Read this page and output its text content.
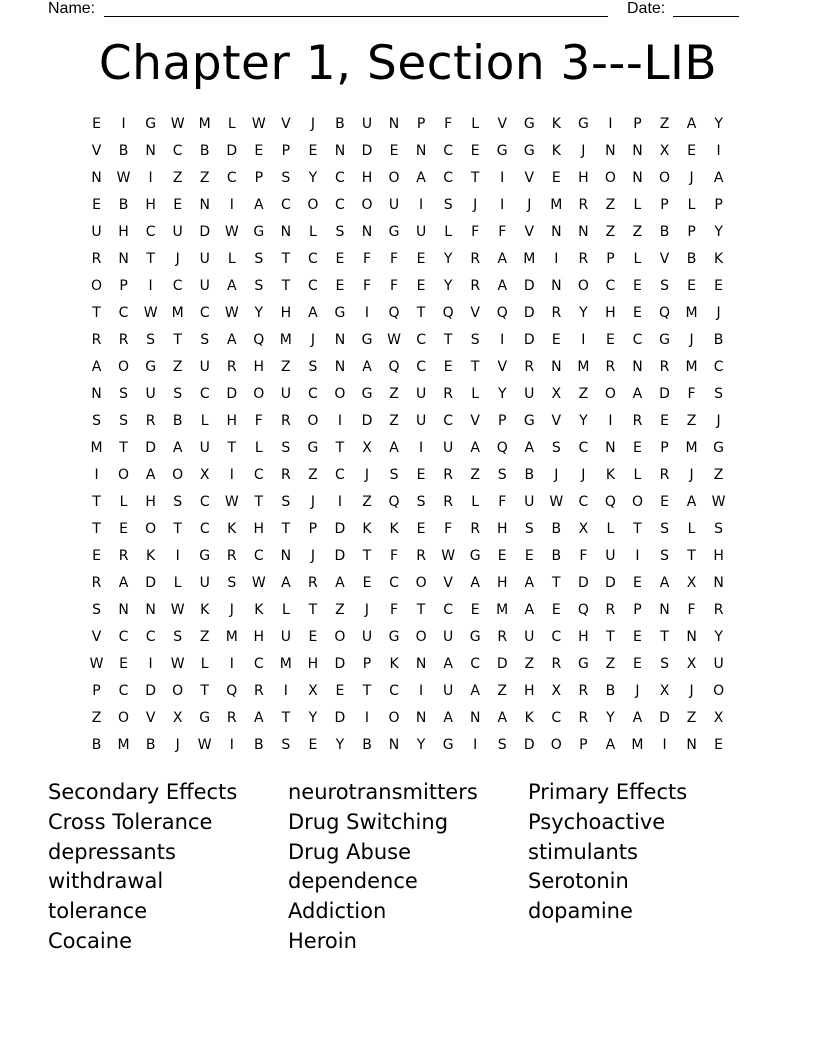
Name:	Date:
Chapter 1, Section 3---LIB
E	I	G	W	M	L	W	V	J	B	U	N	P	F	L	V	G	K	G	I	P	Z	A	Y
V	B	N	C	B	D	E	P	E	N	D	E	N	C	E	G	G	K	J	N	N	X	E	I
N	W	I	Z	Z	C	P	S	Y	C	H	O	A	C	T	I	V	E	H	O	N	O	J	A
E	B	H	E	N	I	A	C	O	C	O	U	I	S	J	I	J	M	R	Z	L	P	L	P
U	H	C	U	D	W	G	N	L	S	N	G	U	L	F	F	V	N	N	Z	Z	B	P	Y
R	N	T	J	U	L	S	T	C	E	F	F	E	Y	R	A	M	I	R	P	L	V	B	K
O	P	I	C	U	A	S	T	C	E	F	F	E	Y	R	A	D	N	O	C	E	S	E	E
T	C	W	M	C	W	Y	H	A	G	I	Q	T	Q	V	Q	D	R	Y	H	E	Q	M	J
R	R	S	T	S	A	Q	M	J	N	G	W	C	T	S	I	D	E	I	E	C	G	J	B
A	O	G	Z	U	R	H	Z	S	N	A	Q	C	E	T	V	R	N	M	R	N	R	M	C
N	S	U	S	C	D	O	U	C	O	G	Z	U	R	L	Y	U	X	Z	O	A	D	F	S
S	S	R	B	L	H	F	R	O	I	D	Z	U	C	V	P	G	V	Y	I	R	E	Z	J
M	T	D	A	U	T	L	S	G	T	X	A	I	U	A	Q	A	S	C	N	E	P	M	G
I	O	A	O	X	I	C	R	Z	C	J	S	E	R	Z	S	B	J	J	K	L	R	J	Z
T	L	H	S	C	W	T	S	J	I	Z	Q	S	R	L	F	U	W	C	Q	O	E	A	W
T	E	O	T	C	K	H	T	P	D	K	K	E	F	R	H	S	B	X	L	T	S	L	S
E	R	K	I	G	R	C	N	J	D	T	F	R	W	G	E	E	B	F	U	I	S	T	H
R	A	D	L	U	S	W	A	R	A	E	C	O	V	A	H	A	T	D	D	E	A	X	N
S	N	N	W	K	J	K	L	T	Z	J	F	T	C	E	M	A	E	Q	R	P	N	F	R
V	C	C	S	Z	M	H	U	E	O	U	G	O	U	G	R	U	C	H	T	E	T	N	Y
W	E	I	W	L	I	C	M	H	D	P	K	N	A	C	D	Z	R	G	Z	E	S	X	U
P	C	D	O	T	Q	R	I	X	E	T	C	I	U	A	Z	H	X	R	B	J	X	J	O
Z	O	V	X	G	R	A	T	Y	D	I	O	N	A	N	A	K	C	R	Y	A	D	Z	X
B	M	B	J	W	I	B	S	E	Y	B	N	Y	G	I	S	D	O	P	A	M	I	N	E
Secondary Effects
Cross Tolerance
depressants
withdrawal
tolerance
Cocaine
neurotransmitters
Drug Switching
Drug Abuse
dependence
Addiction
Heroin
Primary Effects
Psychoactive
stimulants
Serotonin
dopamine
